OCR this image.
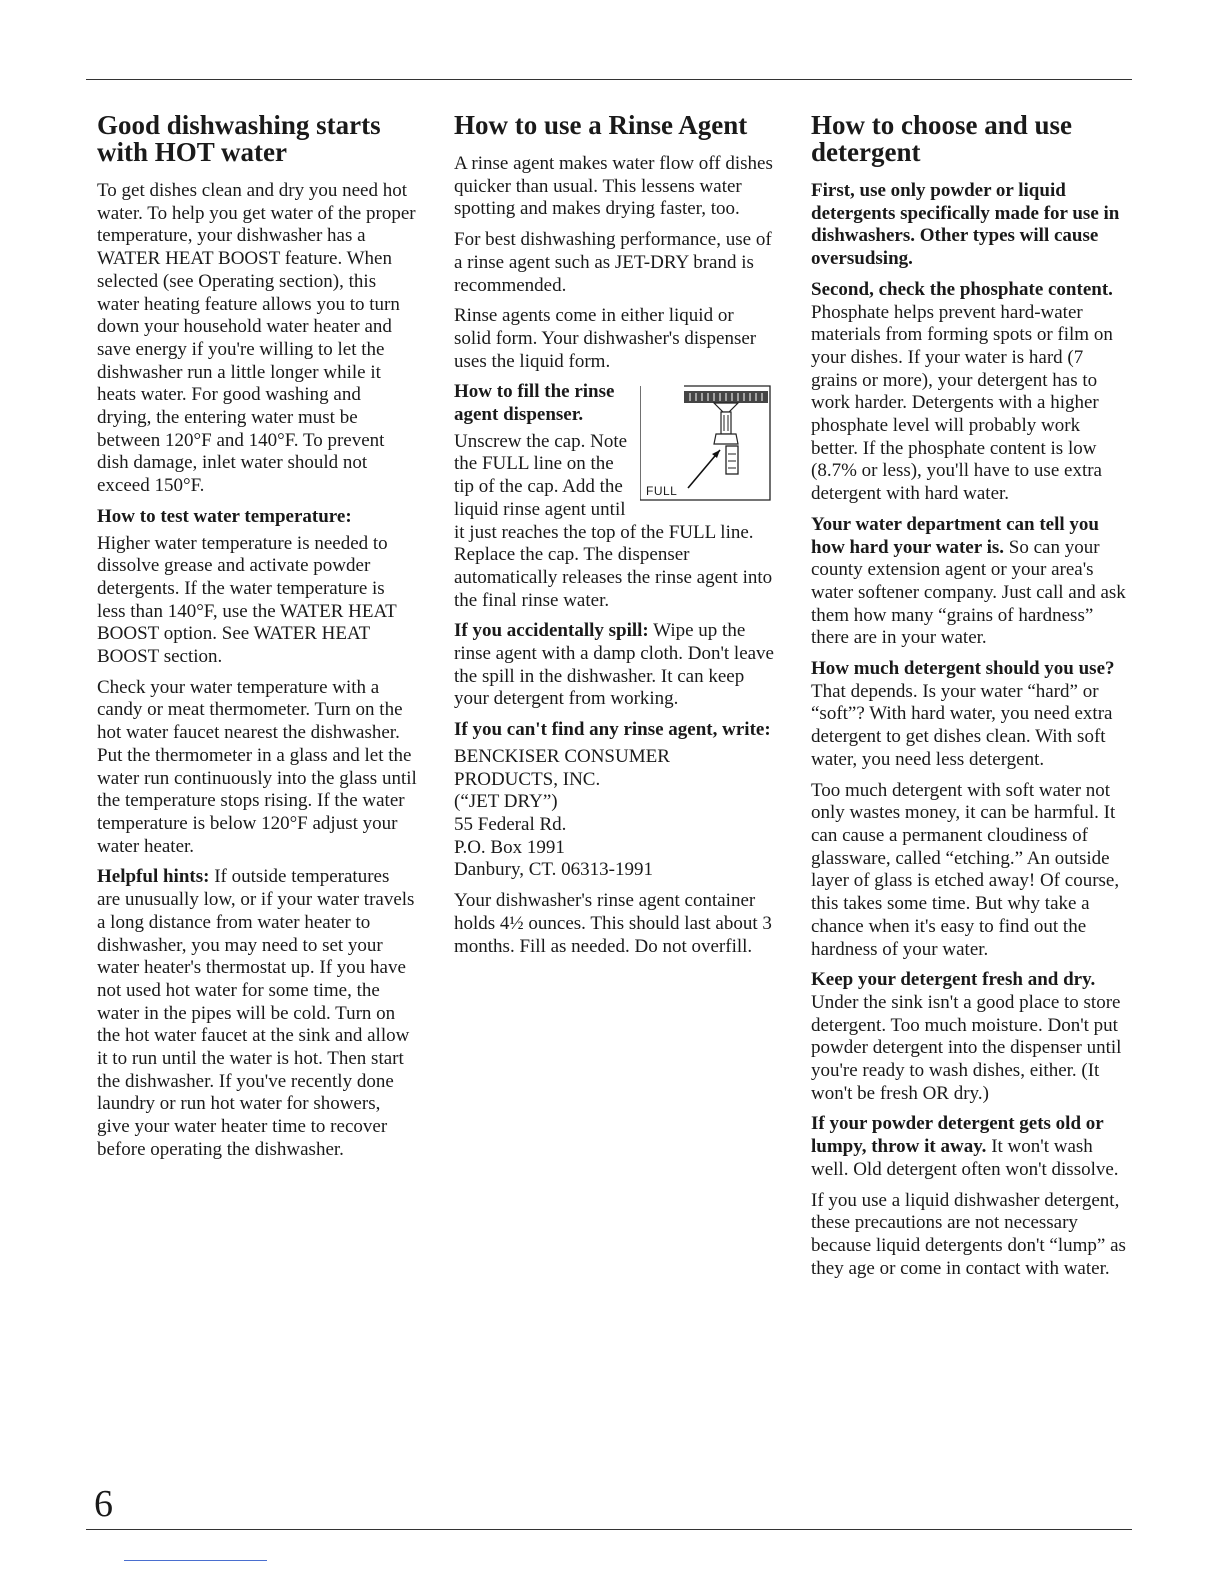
Good dishwashing starts with HOT water

To get dishes clean and dry you need hot water. To help you get water of the proper temperature, your dishwasher has a WATER HEAT BOOST feature. When selected (see Operating section), this water heating feature allows you to turn down your household water heater and save energy if you're willing to let the dishwasher run a little longer while it heats water. For good washing and drying, the entering water must be between 120°F and 140°F. To prevent dish damage, inlet water should not exceed 150°F.

How to test water temperature:

Higher water temperature is needed to dissolve grease and activate powder detergents. If the water temperature is less than 140°F, use the WATER HEAT BOOST option. See WATER HEAT BOOST section.

Check your water temperature with a candy or meat thermometer. Turn on the hot water faucet nearest the dishwasher. Put the thermometer in a glass and let the water run continuously into the glass until the temperature stops rising. If the water temperature is below 120°F adjust your water heater.

Helpful hints: If outside temperatures are unusually low, or if your water travels a long distance from water heater to dishwasher, you may need to set your water heater's thermostat up. If you have not used hot water for some time, the water in the pipes will be cold. Turn on the hot water faucet at the sink and allow it to run until the water is hot. Then start the dishwasher. If you've recently done laundry or run hot water for showers, give your water heater time to recover before operating the dishwasher.

How to use a Rinse Agent

A rinse agent makes water flow off dishes quicker than usual. This lessens water spotting and makes drying faster, too.

For best dishwashing performance, use of a rinse agent such as JET-DRY brand is recommended.

Rinse agents come in either liquid or solid form. Your dishwasher's dispenser uses the liquid form.

FULL
How to fill the rinse agent dispenser.

Unscrew the cap. Note the FULL line on the tip of the cap. Add the liquid rinse agent until it just reaches the top of the FULL line. Replace the cap. The dispenser automatically releases the rinse agent into the final rinse water.

If you accidentally spill: Wipe up the rinse agent with a damp cloth. Don't leave the spill in the dishwasher. It can keep your detergent from working.

If you can't find any rinse agent, write:

BENCKISER CONSUMER PRODUCTS, INC.

(“JET DRY”)

55 Federal Rd.

P.O. Box 1991

Danbury, CT. 06313-1991

Your dishwasher's rinse agent container holds 4½ ounces. This should last about 3 months. Fill as needed. Do not overfill.

How to choose and use detergent

First, use only powder or liquid detergents specifically made for use in dishwashers. Other types will cause oversudsing.

Second, check the phosphate content. Phosphate helps prevent hard-water materials from forming spots or film on your dishes. If your water is hard (7 grains or more), your detergent has to work harder. Detergents with a higher phosphate level will probably work better. If the phosphate content is low (8.7% or less), you'll have to use extra detergent with hard water.

Your water department can tell you how hard your water is. So can your county extension agent or your area's water softener company. Just call and ask them how many “grains of hardness” there are in your water.

How much detergent should you use? That depends. Is your water “hard” or “soft”? With hard water, you need extra detergent to get dishes clean. With soft water, you need less detergent.

Too much detergent with soft water not only wastes money, it can be harmful. It can cause a permanent cloudiness of glassware, called “etching.” An outside layer of glass is etched away! Of course, this takes some time. But why take a chance when it's easy to find out the hardness of your water.

Keep your detergent fresh and dry. Under the sink isn't a good place to store detergent. Too much moisture. Don't put powder detergent into the dispenser until you're ready to wash dishes, either. (It won't be fresh OR dry.)

If your powder detergent gets old or lumpy, throw it away. It won't wash well. Old detergent often won't dissolve.

If you use a liquid dishwasher detergent, these precautions are not necessary because liquid detergents don't “lump” as they age or come in contact with water.

6
